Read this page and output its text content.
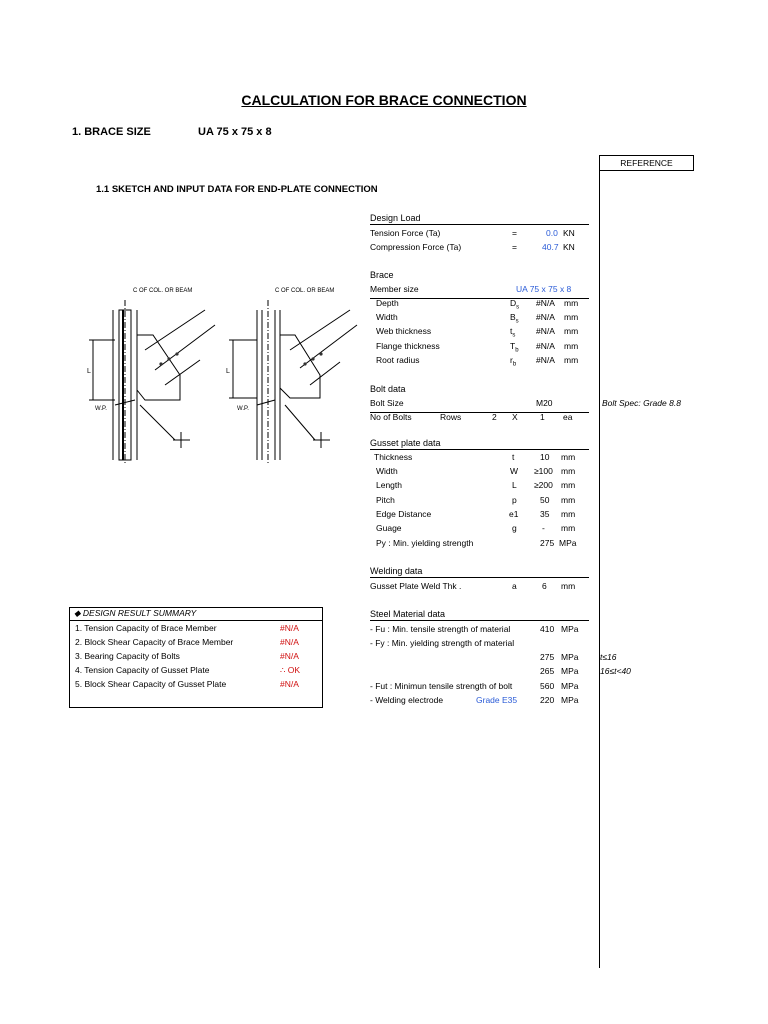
CALCULATION FOR BRACE CONNECTION
1. BRACE SIZE	UA 75 x 75 x 8
REFERENCE
1.1 SKETCH AND INPUT DATA FOR END-PLATE CONNECTION
C OF COL. OR BEAM	C OF COL. OR BEAM
W.P.	W.P.
L	L
Design Load
Tension Force (Ta)	=	0.0 KN
Compression Force (Ta)	=	40.7 KN
Brace
Member size	UA 75 x 75 x 8
Depth	$D_s$ #N/A mm
Width	$B_s$ #N/A mm
Web thickness	$t_s$ #N/A mm
Flange thickness	$T_b$ #N/A mm
Root radius	$r_b$ #N/A mm
Bolt data
Bolt Size	M20	Bolt Spec: Grade 8.8
No of Bolts	Rows	2 X	1 ea
Gusset plate data
Thickness	t	10 mm
Width	W ≥100 mm
Length	L ≥200 mm
Pitch	p	50 mm
Edge Distance	e1	35 mm
Guage	g	- mm
Py : Min. yielding strength	275 MPa
Welding data
Gusset Plate Weld Thk .	a	6 mm
Steel Material data
- Fu : Min. tensile strength of material	410 MPa
- Fy : Min. yielding strength of material
275 MPa	t≤16
265 MPa	16≤t<40
- Fut : Minimun tensile strength of bolt	560 MPa
- Welding electrode	Grade E35	220 MPa
◆ DESIGN RESULT SUMMARY
1. Tension Capacity of Brace Member	#N/A
2. Block Shear Capacity of Brace Member	#N/A
3. Bearing Capacity of Bolts	#N/A
4. Tension Capacity of Gusset Plate	∴ OK
5. Block Shear Capacity of Gusset Plate	#N/A
